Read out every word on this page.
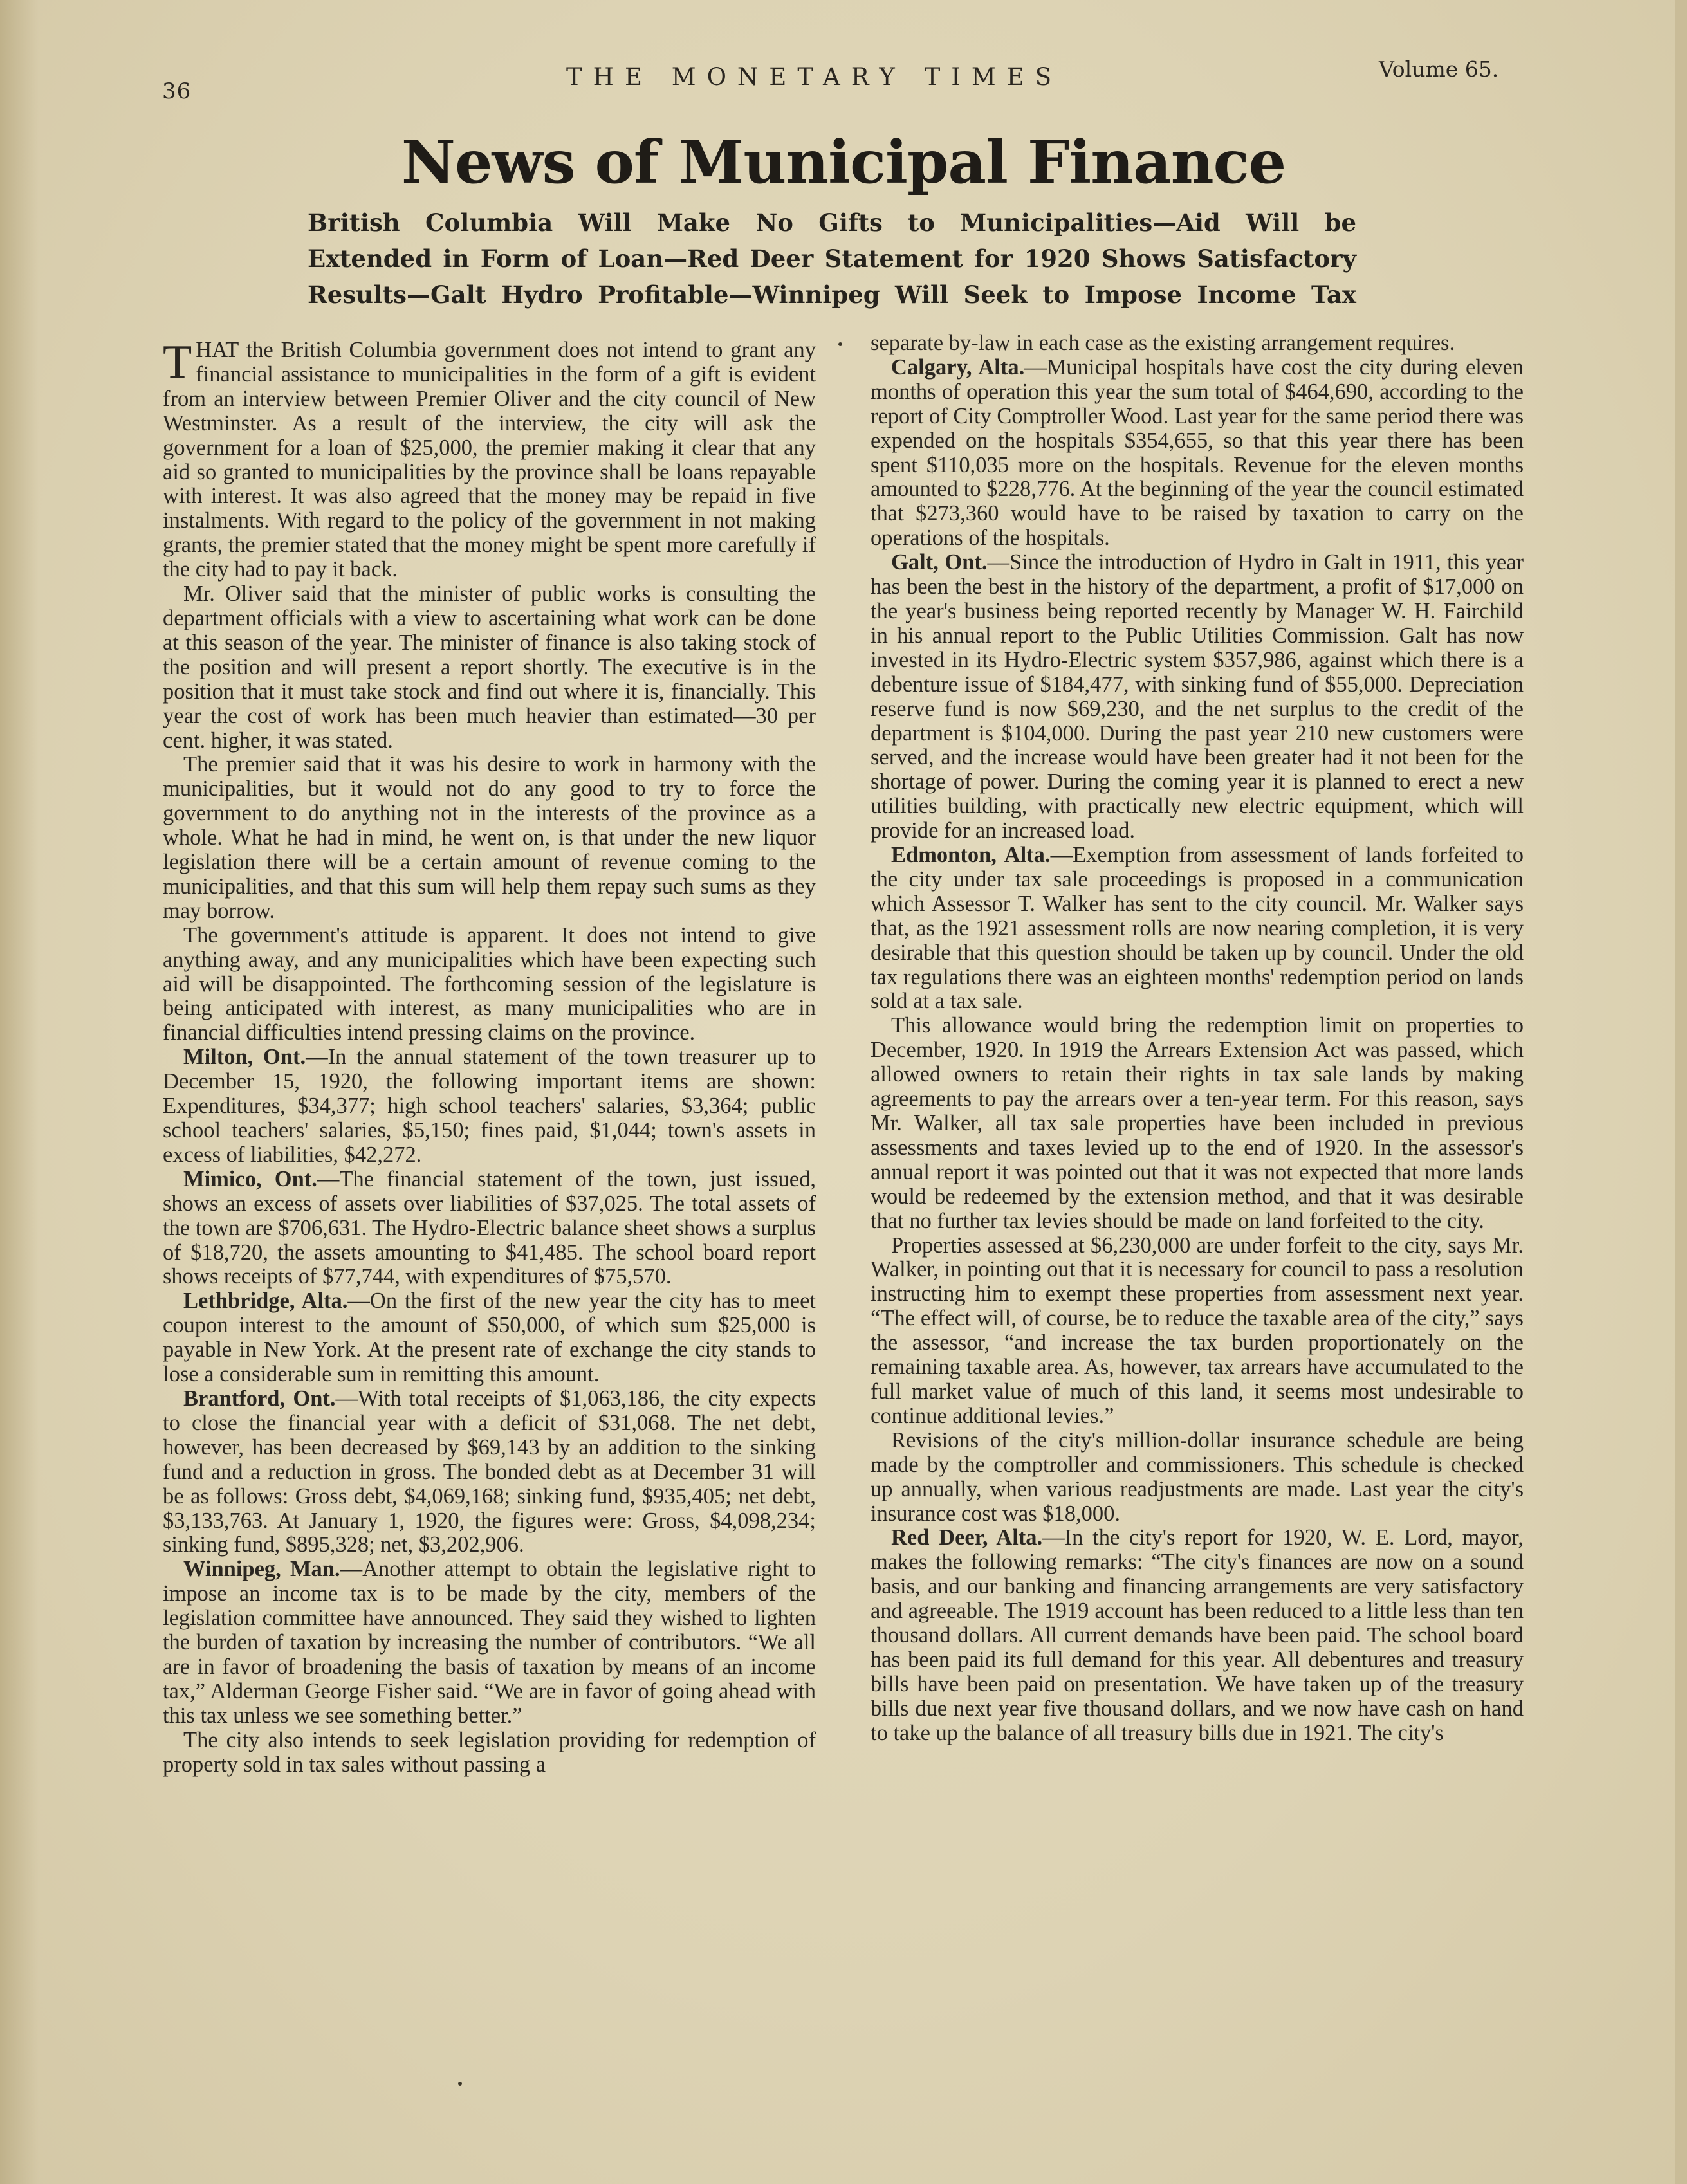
36
THE MONETARY TIMES	Volume 65.
News of Municipal Finance
British Columbia Will Make No Gifts to Municipalities—Aid Will be
Extended in Form of Loan—Red Deer Statement for 1920 Shows Satisfactory
Results—Galt Hydro Profitable—Winnipeg Will Seek to Impose Income Tax

THAT the British Columbia government does not intend to grant any financial assistance to municipalities in the form of a gift is evident from an interview between Premier Oliver and the city council of New Westminster. As a result of the interview, the city will ask the government for a loan of $25,000, the premier making it clear that any aid so granted to municipalities by the province shall be loans repayable with interest. It was also agreed that the money may be repaid in five instalments. With regard to the policy of the government in not making grants, the premier stated that the money might be spent more carefully if the city had to pay it back.

Mr. Oliver said that the minister of public works is consulting the department officials with a view to ascertaining what work can be done at this season of the year. The minister of finance is also taking stock of the position and will present a report shortly. The executive is in the position that it must take stock and find out where it is, financially. This year the cost of work has been much heavier than estimated—30 per cent. higher, it was stated.

The premier said that it was his desire to work in harmony with the municipalities, but it would not do any good to try to force the government to do anything not in the interests of the province as a whole. What he had in mind, he went on, is that under the new liquor legislation there will be a certain amount of revenue coming to the municipalities, and that this sum will help them repay such sums as they may borrow.

The government's attitude is apparent. It does not intend to give anything away, and any municipalities which have been expecting such aid will be disappointed. The forthcoming session of the legislature is being anticipated with interest, as many municipalities who are in financial difficulties intend pressing claims on the province.

Milton, Ont.—In the annual statement of the town treasurer up to December 15, 1920, the following important items are shown: Expenditures, $34,377; high school teachers' salaries, $3,364; public school teachers' salaries, $5,150; fines paid, $1,044; town's assets in excess of liabilities, $42,272.

Mimico, Ont.—The financial statement of the town, just issued, shows an excess of assets over liabilities of $37,025. The total assets of the town are $706,631. The Hydro-Electric balance sheet shows a surplus of $18,720, the assets amounting to $41,485. The school board report shows receipts of $77,744, with expenditures of $75,570.

Lethbridge, Alta.—On the first of the new year the city has to meet coupon interest to the amount of $50,000, of which sum $25,000 is payable in New York. At the present rate of exchange the city stands to lose a considerable sum in remitting this amount.

Brantford, Ont.—With total receipts of $1,063,186, the city expects to close the financial year with a deficit of $31,068. The net debt, however, has been decreased by $69,143 by an addition to the sinking fund and a reduction in gross. The bonded debt as at December 31 will be as follows: Gross debt, $4,069,168; sinking fund, $935,405; net debt, $3,133,763. At January 1, 1920, the figures were: Gross, $4,098,234; sinking fund, $895,328; net, $3,202,906.

Winnipeg, Man.—Another attempt to obtain the legislative right to impose an income tax is to be made by the city, members of the legislation committee have announced. They said they wished to lighten the burden of taxation by increasing the number of contributors. “We all are in favor of broadening the basis of taxation by means of an income tax,” Alderman George Fisher said. “We are in favor of going ahead with this tax unless we see something better.”

The city also intends to seek legislation providing for redemption of property sold in tax sales without passing a

separate by-law in each case as the existing arrangement requires.

Calgary, Alta.—Municipal hospitals have cost the city during eleven months of operation this year the sum total of $464,690, according to the report of City Comptroller Wood. Last year for the same period there was expended on the hospitals $354,655, so that this year there has been spent $110,035 more on the hospitals. Revenue for the eleven months amounted to $228,776. At the beginning of the year the council estimated that $273,360 would have to be raised by taxation to carry on the operations of the hospitals.

Galt, Ont.—Since the introduction of Hydro in Galt in 1911, this year has been the best in the history of the department, a profit of $17,000 on the year's business being reported recently by Manager W. H. Fairchild in his annual report to the Public Utilities Commission. Galt has now invested in its Hydro-Electric system $357,986, against which there is a debenture issue of $184,477, with sinking fund of $55,000. Depreciation reserve fund is now $69,230, and the net surplus to the credit of the department is $104,000. During the past year 210 new customers were served, and the increase would have been greater had it not been for the shortage of power. During the coming year it is planned to erect a new utilities building, with practically new electric equipment, which will provide for an increased load.

Edmonton, Alta.—Exemption from assessment of lands forfeited to the city under tax sale proceedings is proposed in a communication which Assessor T. Walker has sent to the city council. Mr. Walker says that, as the 1921 assessment rolls are now nearing completion, it is very desirable that this question should be taken up by council. Under the old tax regulations there was an eighteen months' redemption period on lands sold at a tax sale.

This allowance would bring the redemption limit on properties to December, 1920. In 1919 the Arrears Extension Act was passed, which allowed owners to retain their rights in tax sale lands by making agreements to pay the arrears over a ten-year term. For this reason, says Mr. Walker, all tax sale properties have been included in previous assessments and taxes levied up to the end of 1920. In the assessor's annual report it was pointed out that it was not expected that more lands would be redeemed by the extension method, and that it was desirable that no further tax levies should be made on land forfeited to the city.

Properties assessed at $6,230,000 are under forfeit to the city, says Mr. Walker, in pointing out that it is necessary for council to pass a resolution instructing him to exempt these properties from assessment next year. “The effect will, of course, be to reduce the taxable area of the city,” says the assessor, “and increase the tax burden proportionately on the remaining taxable area. As, however, tax arrears have accumulated to the full market value of much of this land, it seems most undesirable to continue additional levies.”

Revisions of the city's million-dollar insurance schedule are being made by the comptroller and commissioners. This schedule is checked up annually, when various readjustments are made. Last year the city's insurance cost was $18,000.

Red Deer, Alta.—In the city's report for 1920, W. E. Lord, mayor, makes the following remarks: “The city's finances are now on a sound basis, and our banking and financing arrangements are very satisfactory and agreeable. The 1919 account has been reduced to a little less than ten thousand dollars. All current demands have been paid. The school board has been paid its full demand for this year. All debentures and treasury bills have been paid on presentation. We have taken up of the treasury bills due next year five thousand dollars, and we now have cash on hand to take up the balance of all treasury bills due in 1921. The city's
